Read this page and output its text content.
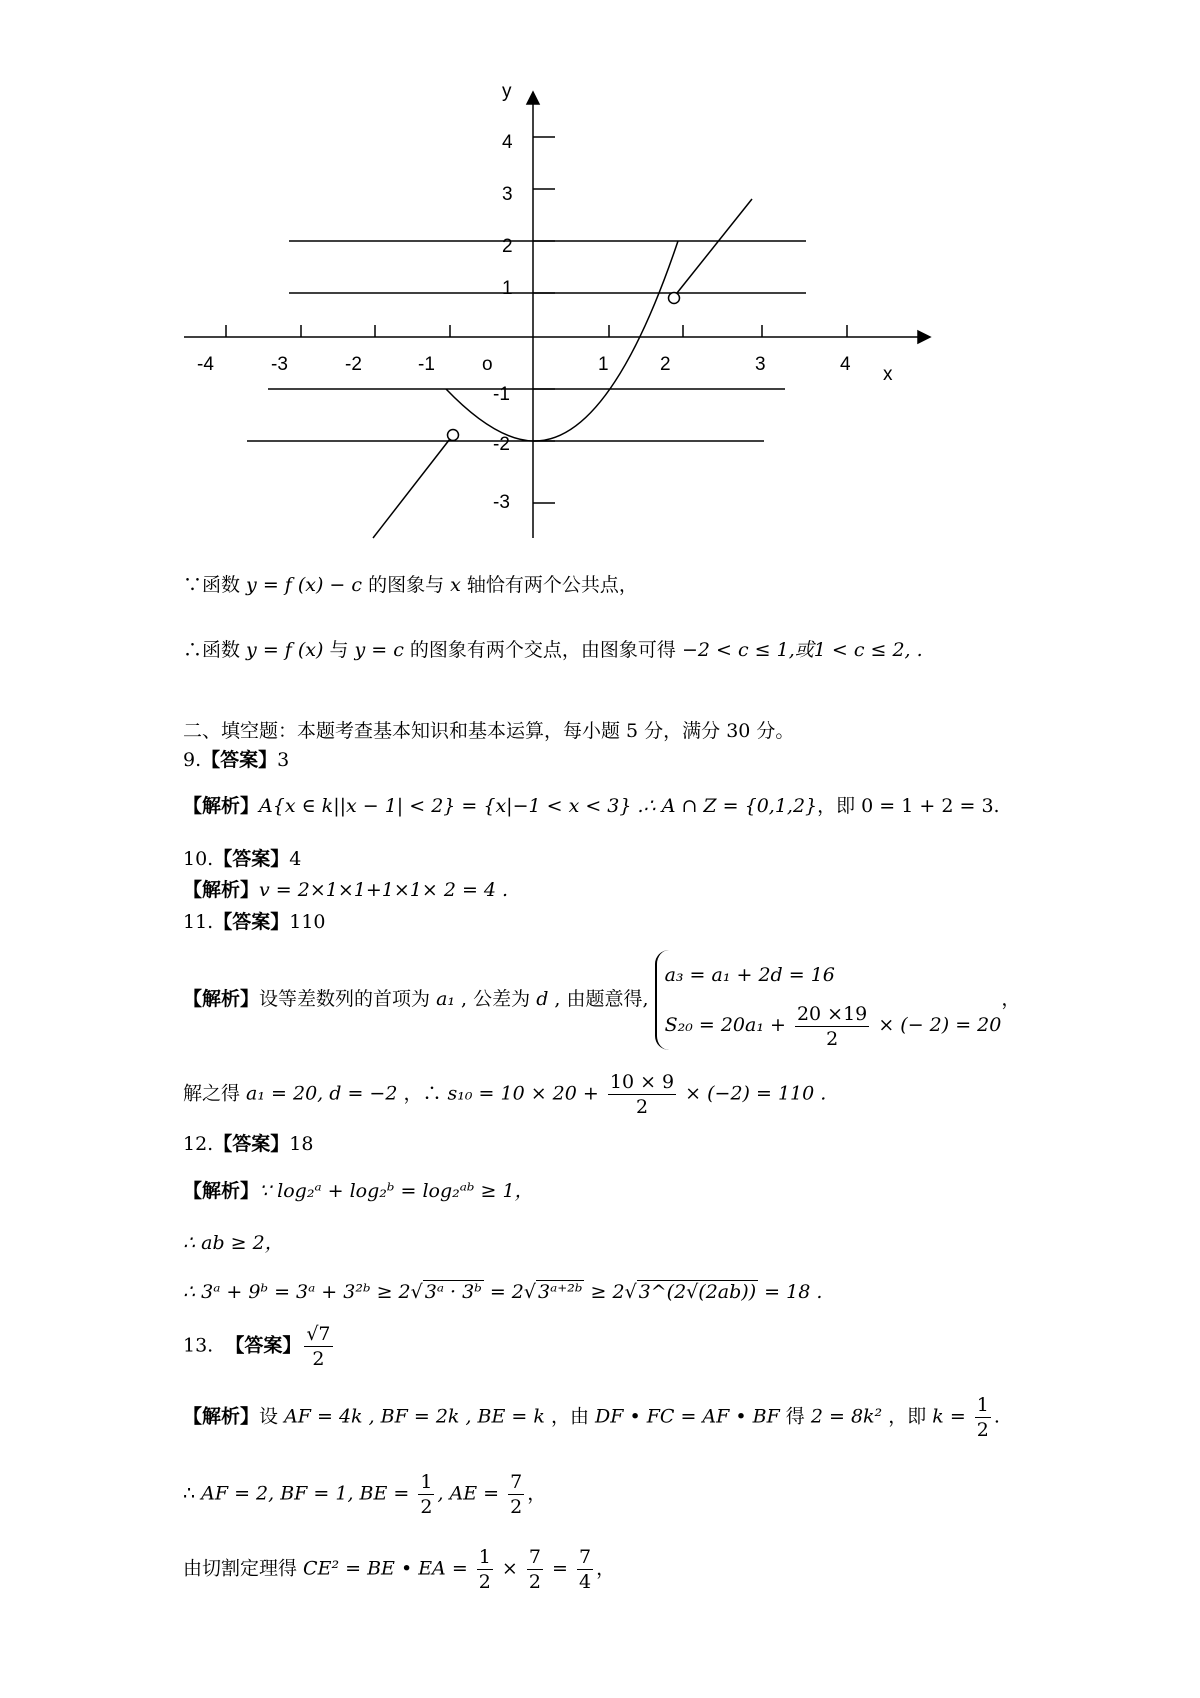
y
x
o
-4	-3	-2	-1	1	2	3	4
4
3
2
1
-1
-2
-3
∵函数 y = f (x) − c 的图象与 x 轴恰有两个公共点，
∴函数 y = f (x) 与 y = c 的图象有两个交点，由图象可得 −2 < c ≤ 1,或1 < c ≤ 2, .
二、填空题：本题考查基本知识和基本运算，每小题 5 分，满分 30 分。
9.【答案】3
【解析】A{x ∈ k||x − 1| < 2} = {x|−1 < x < 3} .∴ A ∩ Z = {0,1,2}，即 0 = 1 + 2 = 3.
10.【答案】4
【解析】v = 2×1×1+1×1× 2 = 4 .
11.【答案】110
【解析】设等差数列的首项为 a₁ , 公差为 d , 由题意得,
a₃ = a₁ + 2d = 16
$S_{20} = 20a_1 + \frac{20 \times 19}{2}$ × (− 2) = 20
，
解之得 a₁ = 20, d = −2 ，∴ $s_{10} = 10 \times 20 + \frac{10 \times 9}{2} \times (-2) = 110$ .
12.【答案】18
【解析】∵ log₂ᵃ + log₂ᵇ = log₂ᵃᵇ ≥ 1，
∴ ab ≥ 2，
∴ 3ᵃ + 9ᵇ = 3ᵃ + 3²ᵇ ≥ 2√ 3ᵃ · 3ᵇ = 2√ 3ᵃ⁺²ᵇ ≥ 2√ 3^(2√(2ab)) = 18 .
13. 【答案】 $\frac{√7}{2}$
【解析】设 AF = 4k , BF = 2k , BE = k ，由 DF • FC = AF • BF 得 2 = 8k² ，即 $k = \frac{1}{2}$ .
∴ AF = 2, BF = 1, BE = $\frac{1}{2}$ , AE = $\frac{7}{2}$ ，
由切割定理得 CE² = BE • EA = $\frac{1}{2} \times \frac{7}{2} = \frac{7}{4}$ ，
